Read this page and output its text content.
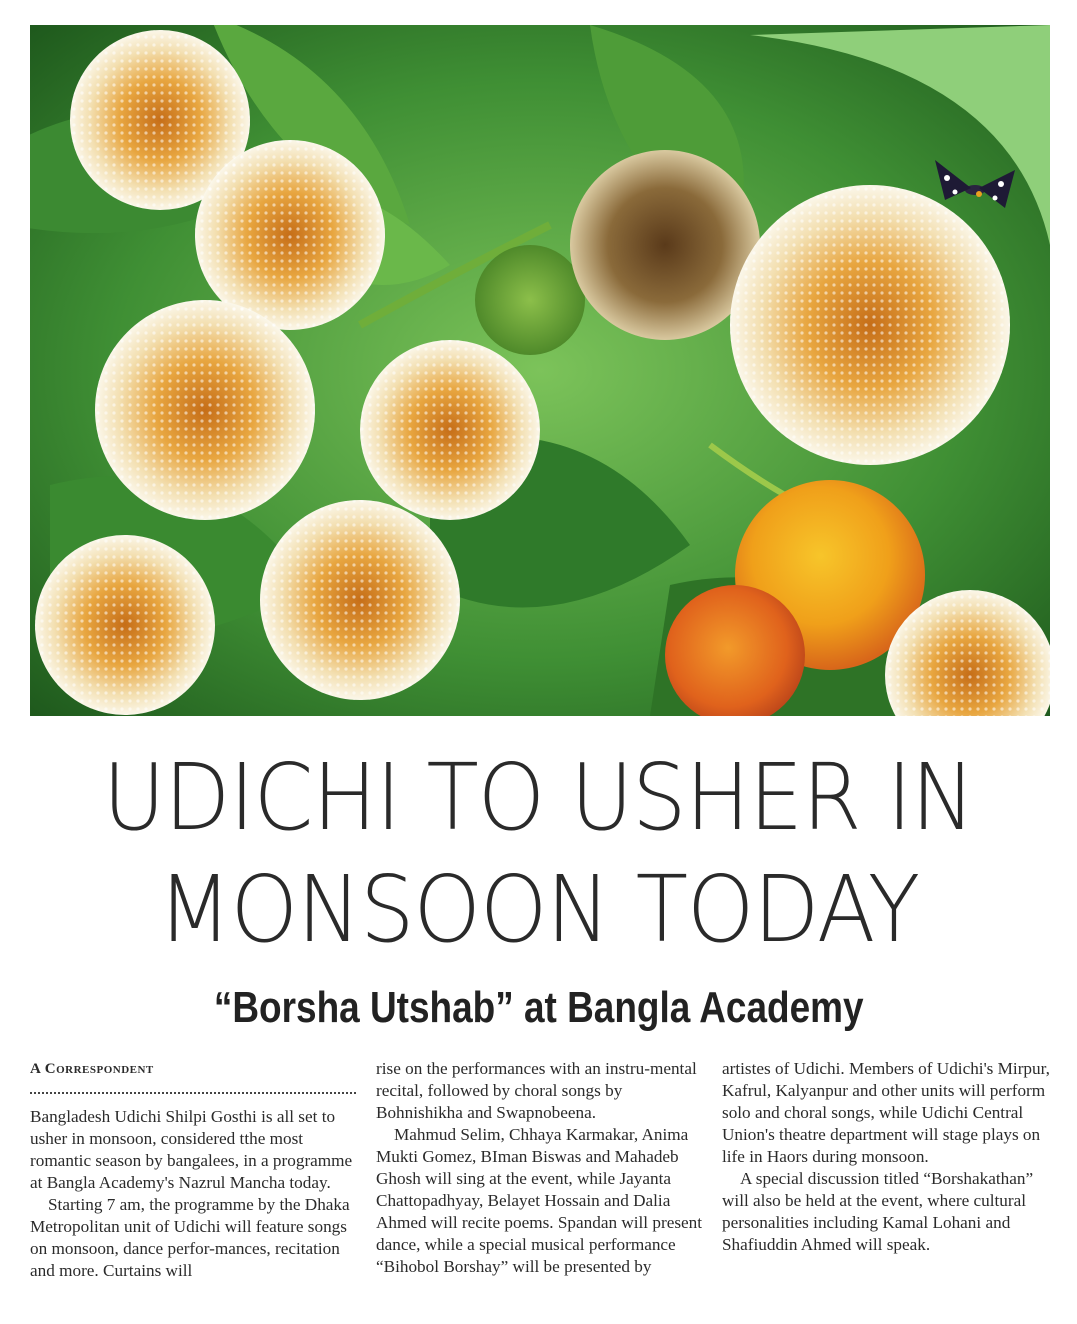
UDICHI TO USHER IN
MONSOON TODAY
“Borsha Utshab” at Bangla Academy
A Correspondent

Bangladesh Udichi Shilpi Gosthi is all set to usher in monsoon, considered tthe most romantic season by bangalees, in a programme at Bangla Academy's Nazrul Mancha today.

Starting 7 am, the programme by the Dhaka Metropolitan unit of Udichi will feature songs on monsoon, dance perfor-mances, recitation and more. Curtains will

rise on the performances with an instru-mental recital, followed by choral songs by Bohnishikha and Swapnobeena.

Mahmud Selim, Chhaya Karmakar, Anima Mukti Gomez, BIman Biswas and Mahadeb Ghosh will sing at the event, while Jayanta Chattopadhyay, Belayet Hossain and Dalia Ahmed will recite poems. Spandan will present dance, while a special musical performance “Bihobol Borshay” will be presented by

artistes of Udichi. Members of Udichi's Mirpur, Kafrul, Kalyanpur and other units will perform solo and choral songs, while Udichi Central Union's theatre department will stage plays on life in Haors during monsoon.

A special discussion titled “Borshakathan” will also be held at the event, where cultural personalities including Kamal Lohani and Shafiuddin Ahmed will speak.
